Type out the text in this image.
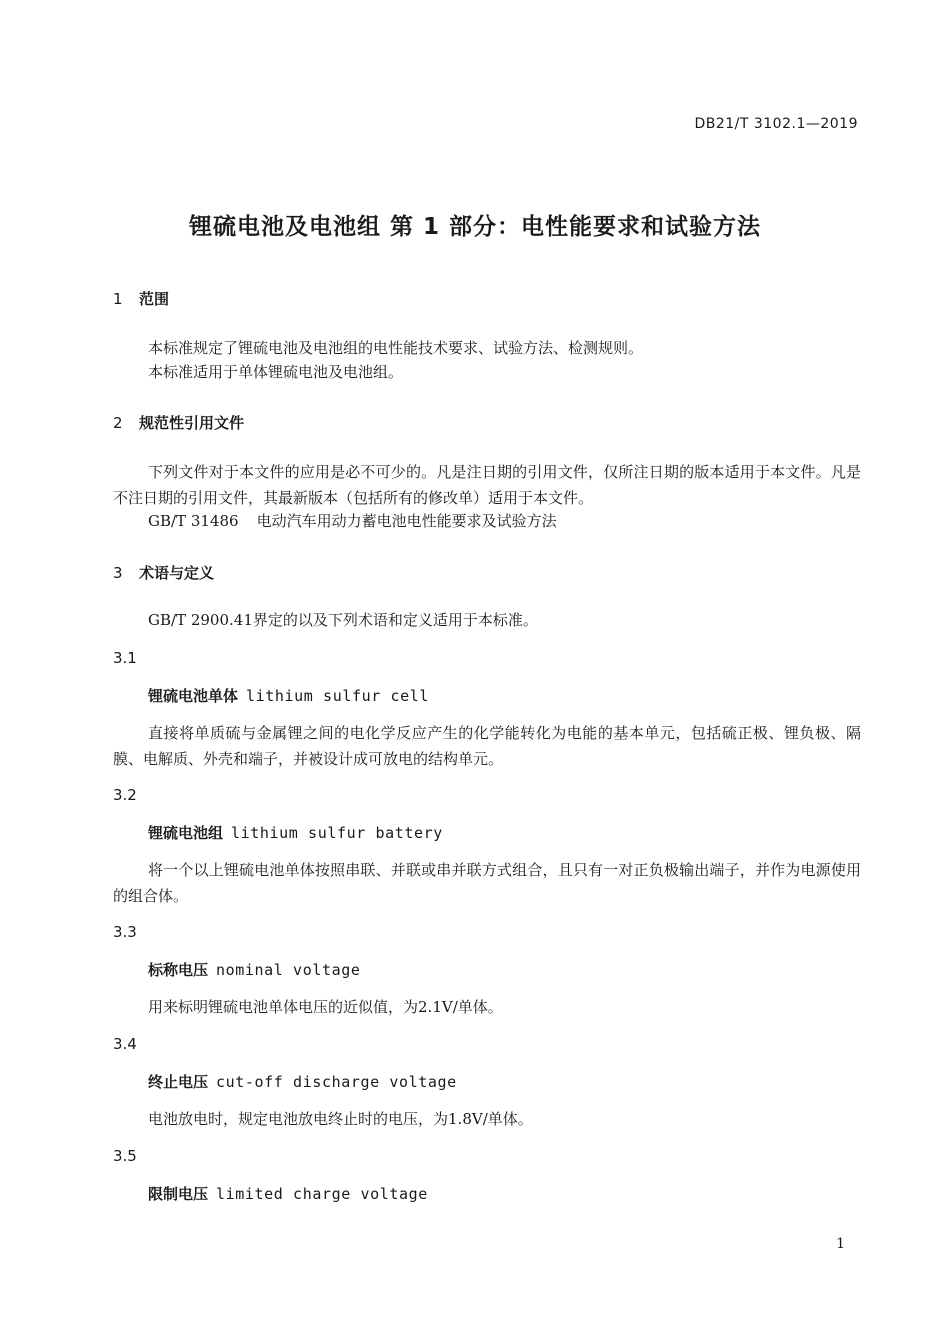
DB21/T 3102.1—2019
锂硫电池及电池组 第 1 部分：电性能要求和试验方法
1 范围
本标准规定了锂硫电池及电池组的电性能技术要求、试验方法、检测规则。
本标准适用于单体锂硫电池及电池组。
2 规范性引用文件
下列文件对于本文件的应用是必不可少的。凡是注日期的引用文件，仅所注日期的版本适用于本文件。凡是不注日期的引用文件，其最新版本（包括所有的修改单）适用于本文件。
GB/T 31486 电动汽车用动力蓄电池电性能要求及试验方法
3 术语与定义
GB/T 2900.41界定的以及下列术语和定义适用于本标准。
3.1
锂硫电池单体 lithium sulfur cell
直接将单质硫与金属锂之间的电化学反应产生的化学能转化为电能的基本单元，包括硫正极、锂负极、隔膜、电解质、外壳和端子，并被设计成可放电的结构单元。
3.2
锂硫电池组 lithium sulfur battery
将一个以上锂硫电池单体按照串联、并联或串并联方式组合，且只有一对正负极输出端子，并作为电源使用的组合体。
3.3
标称电压 nominal voltage
用来标明锂硫电池单体电压的近似值，为2.1V/单体。
3.4
终止电压 cut-off discharge voltage
电池放电时，规定电池放电终止时的电压，为1.8V/单体。
3.5
限制电压 limited charge voltage
1
